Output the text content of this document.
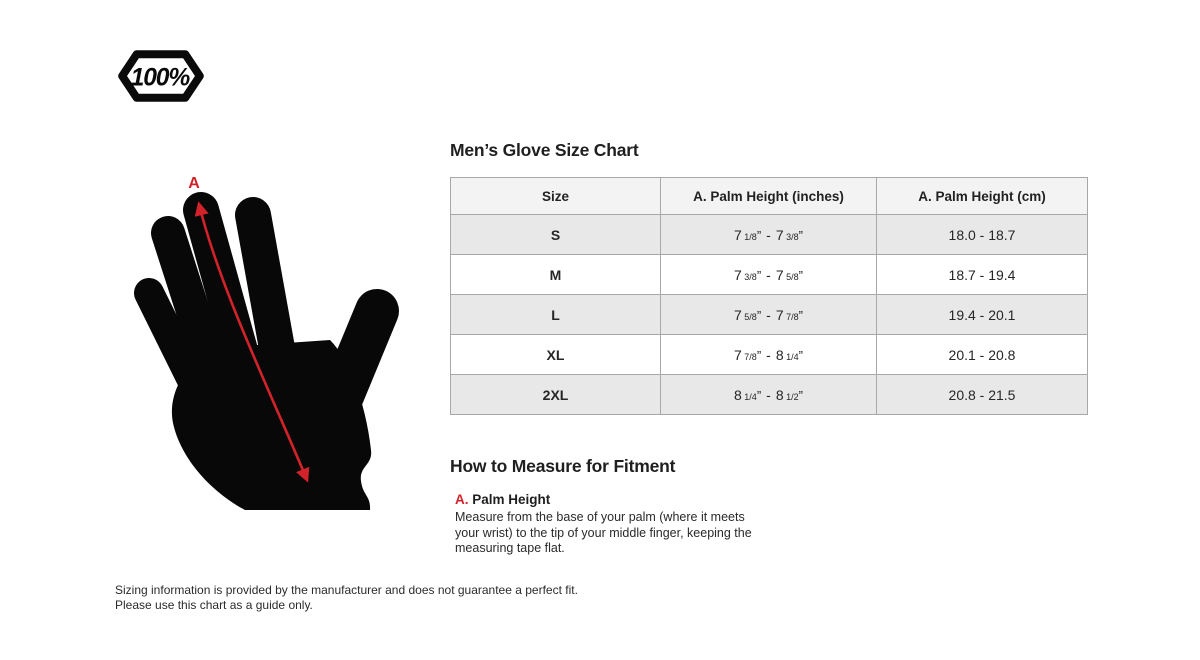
100%
A
Men’s Glove Size Chart
Size	A. Palm Height (inches)	A. Palm Height (cm)
S	7 1/8” - 7 3/8”	18.0 - 18.7
M	7 3/8” - 7 5/8”	18.7 - 19.4
L	7 5/8” - 7 7/8”	19.4 - 20.1
XL	7 7/8” - 8 1/4”	20.1 - 20.8
2XL	8 1/4” - 8 1/2”	20.8 - 21.5
How to Measure for Fitment
A. Palm Height
Measure from the base of your palm (where it meets your wrist) to the tip of your middle finger, keeping the measuring tape flat.
Sizing information is provided by the manufacturer and does not guarantee a perfect fit.
Please use this chart as a guide only.
